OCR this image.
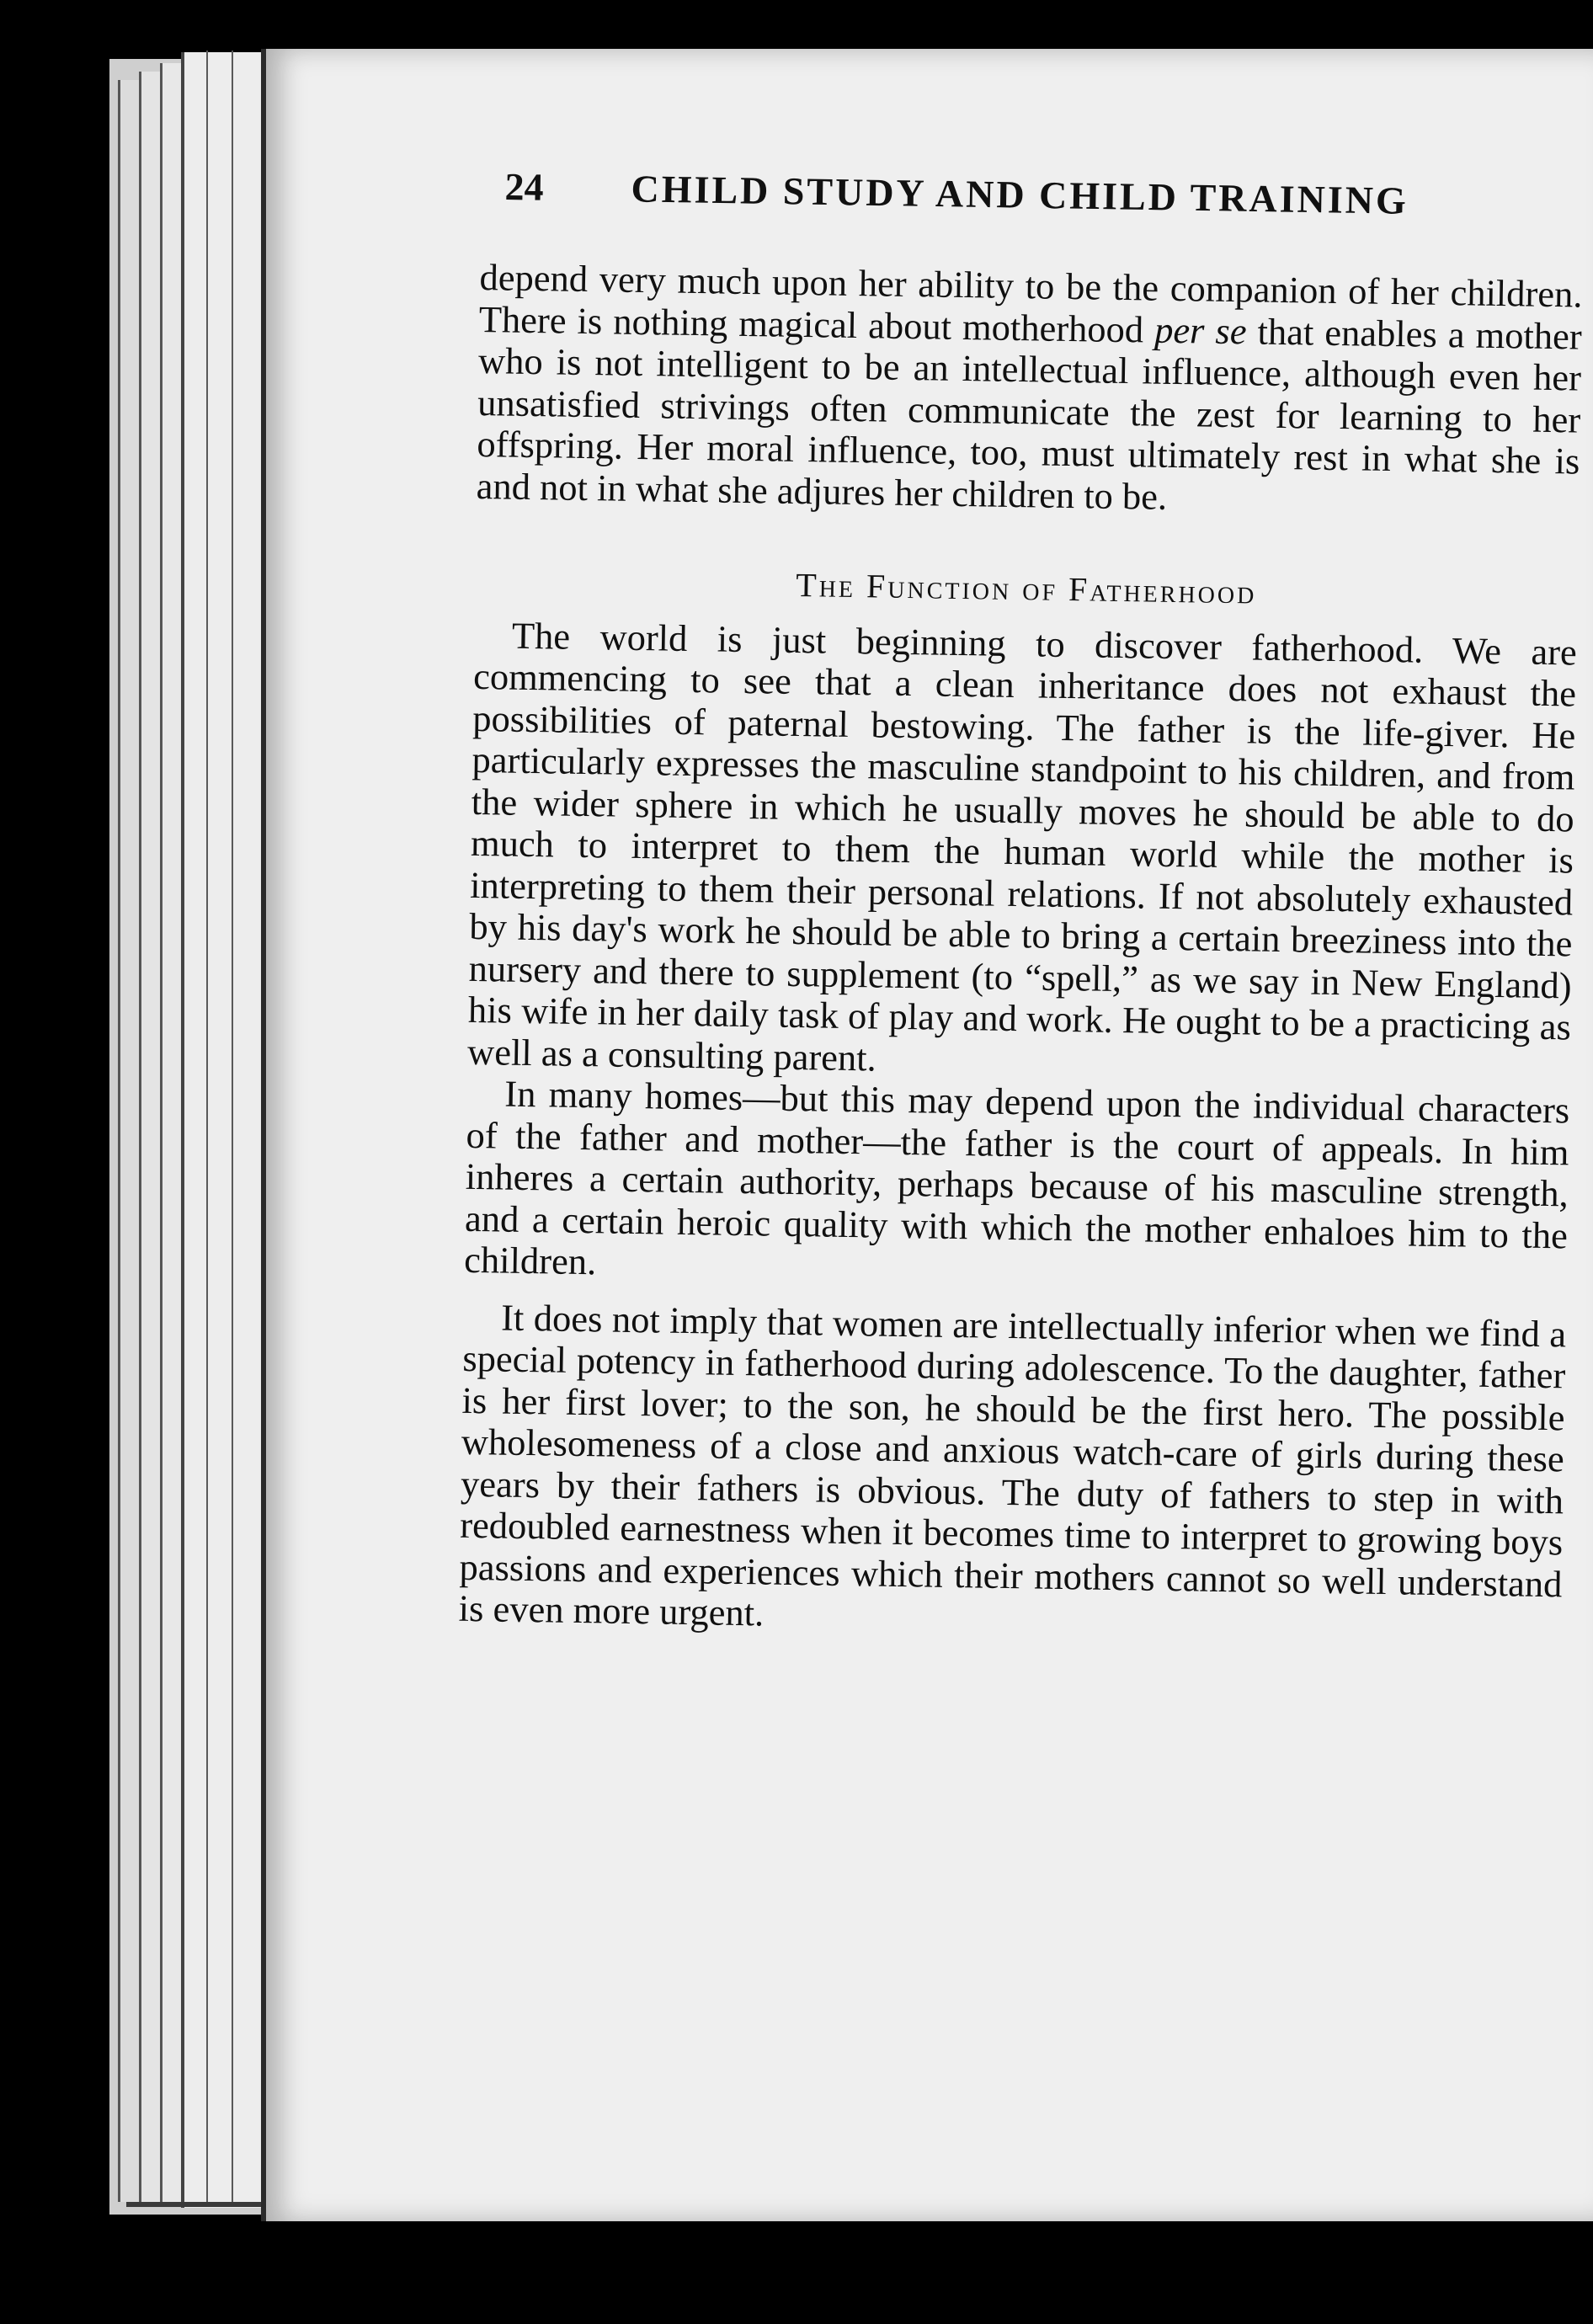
24	CHILD STUDY AND CHILD TRAINING

depend very much upon her ability to be the companion of her children. There is nothing magical about motherhood per se that enables a mother who is not intelligent to be an intellectual influence, although even her unsatisfied strivings often communicate the zest for learning to her offspring. Her moral influence, too, must ultimately rest in what she is and not in what she adjures her children to be.

The Function of Fatherhood

The world is just beginning to discover fatherhood. We are commencing to see that a clean inheritance does not exhaust the possibilities of paternal bestowing. The father is the life-giver. He particularly expresses the masculine standpoint to his children, and from the wider sphere in which he usually moves he should be able to do much to interpret to them the human world while the mother is interpreting to them their personal relations. If not absolutely exhausted by his day's work he should be able to bring a certain breeziness into the nursery and there to supplement (to “spell,” as we say in New England) his wife in her daily task of play and work. He ought to be a practicing as well as a consulting parent.

In many homes—but this may depend upon the individual characters of the father and mother—the father is the court of appeals. In him inheres a certain authority, perhaps because of his masculine strength, and a certain heroic quality with which the mother enhaloes him to the children.

It does not imply that women are intellectually inferior when we find a special potency in fatherhood during adolescence. To the daughter, father is her first lover; to the son, he should be the first hero. The possible wholesomeness of a close and anxious watch-care of girls during these years by their fathers is obvious. The duty of fathers to step in with redoubled earnestness when it becomes time to interpret to growing boys passions and experiences which their mothers cannot so well understand is even more urgent.
